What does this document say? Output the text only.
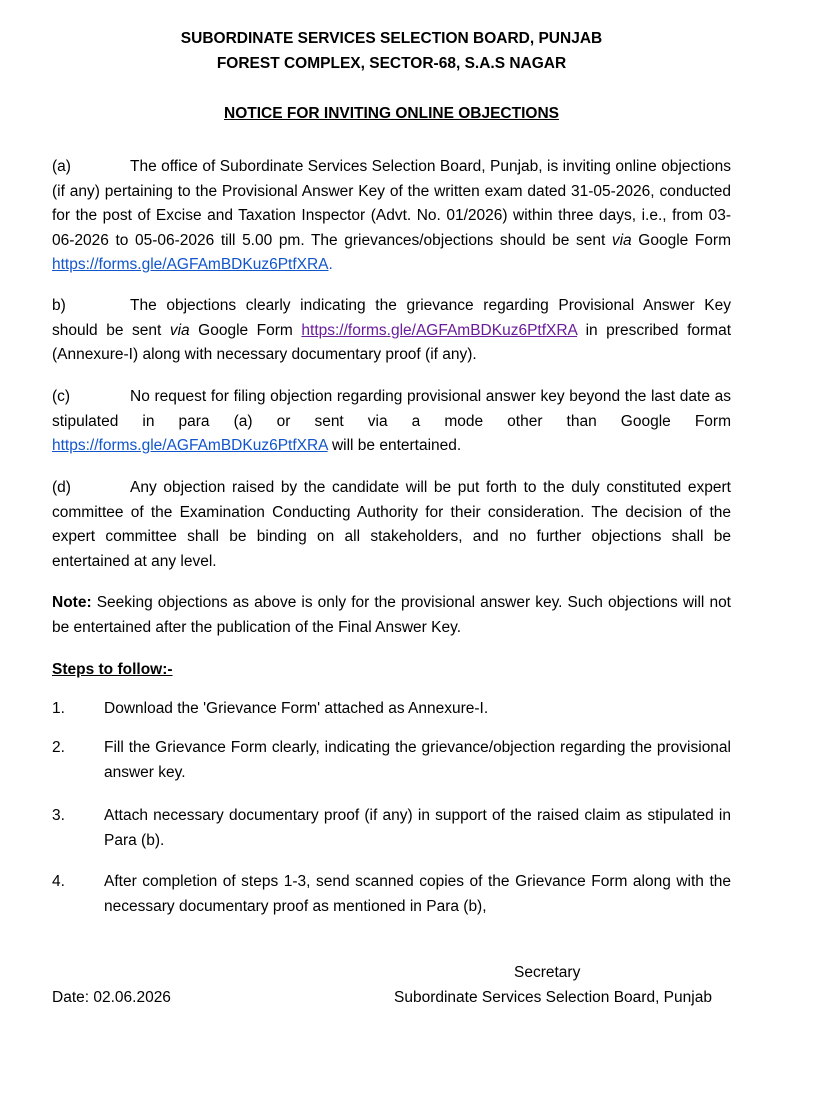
SUBORDINATE SERVICES SELECTION BOARD, PUNJAB
FOREST COMPLEX, SECTOR-68, S.A.S NAGAR
NOTICE FOR INVITING ONLINE OBJECTIONS
(a)	The office of Subordinate Services Selection Board, Punjab, is inviting online objections (if any) pertaining to the Provisional Answer Key of the written exam dated 31-05-2026, conducted for the post of Excise and Taxation Inspector (Advt. No. 01/2026) within three days, i.e., from 03-06-2026 to 05-06-2026 till 5.00 pm. The grievances/objections should be sent via Google Form https://forms.gle/AGFAmBDKuz6PtfXRA.
b)	The objections clearly indicating the grievance regarding Provisional Answer Key should be sent via Google Form https://forms.gle/AGFAmBDKuz6PtfXRA in prescribed format (Annexure-I) along with necessary documentary proof (if any).
(c)	No request for filing objection regarding provisional answer key beyond the last date as stipulated in para (a) or sent via a mode other than Google Form https://forms.gle/AGFAmBDKuz6PtfXRA will be entertained.
(d)	Any objection raised by the candidate will be put forth to the duly constituted expert committee of the Examination Conducting Authority for their consideration. The decision of the expert committee shall be binding on all stakeholders, and no further objections shall be entertained at any level.
Note: Seeking objections as above is only for the provisional answer key. Such objections will not be entertained after the publication of the Final Answer Key.
Steps to follow:-
1.	Download the 'Grievance Form' attached as Annexure-I.
2.	Fill the Grievance Form clearly, indicating the grievance/objection regarding the provisional answer key.
3.	Attach necessary documentary proof (if any) in support of the raised claim as stipulated in Para (b).
4.	After completion of steps 1-3, send scanned copies of the Grievance Form along with the necessary documentary proof as mentioned in Para (b),
Secretary
Subordinate Services Selection Board, Punjab
Date: 02.06.2026
